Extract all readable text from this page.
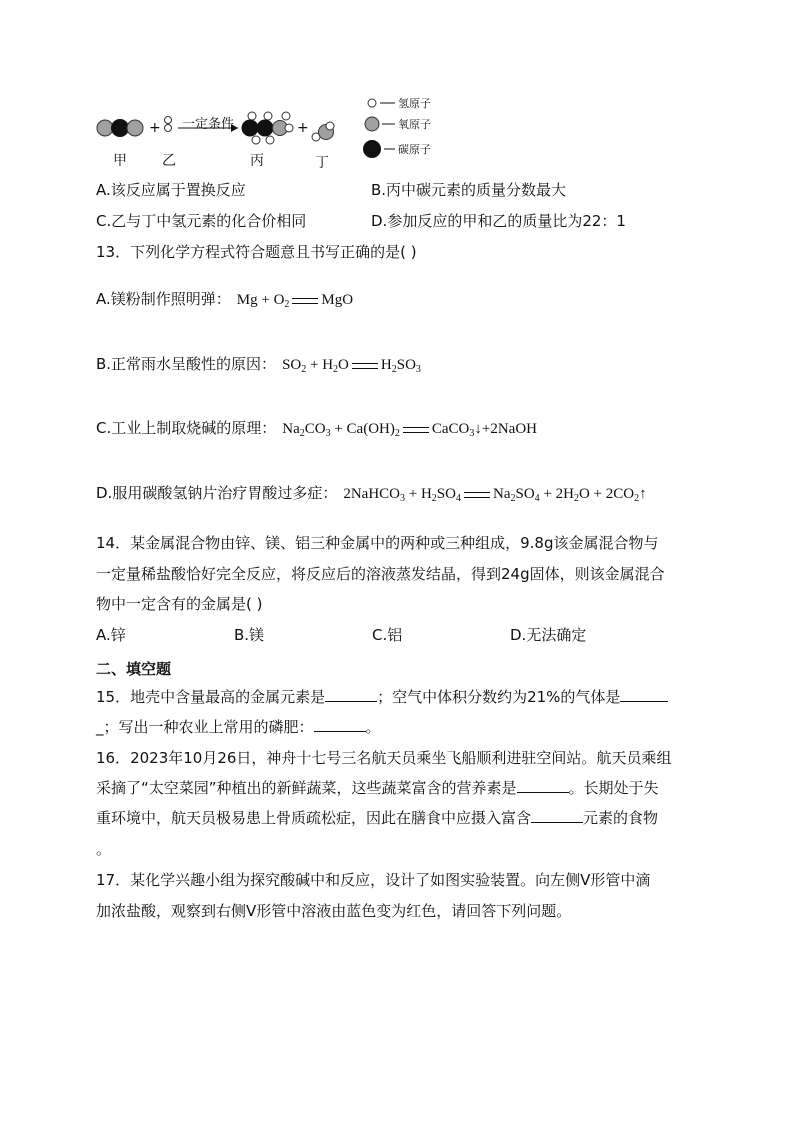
一定条件
+	+
甲	乙	丙	丁
氢原子
氧原子
碳原子
A.该反应属于置换反应	B.丙中碳元素的质量分数最大
C.乙与丁中氢元素的化合价相同	D.参加反应的甲和乙的质量比为22：1
13．下列化学方程式符合题意且书写正确的是( )
A.镁粉制作照明弹： $Mg + O_2$ MgO
B.正常雨水呈酸性的原因： $SO_2 + H_2O$ $H_2SO_3$
C.工业上制取烧碱的原理： $Na_2CO_3 + Ca(OH)_2$ CaCO$_3$↓+2NaOH
D.服用碳酸氢钠片治疗胃酸过多症： 2NaHCO$_3$ + $H_2SO_4$ $Na_2SO_4 + 2H_2O$ + $2CO_2↑$
14．某金属混合物由锌、镁、铝三种金属中的两种或三种组成，9.8g该金属混合物与
一定量稀盐酸恰好完全反应，将反应后的溶液蒸发结晶，得到24g固体，则该金属混合
物中一定含有的金属是( )
A.锌	B.镁	C.铝	D.无法确定
二、填空题
15．地壳中含量最高的金属元素是	；空气中体积分数约为21%的气体是
_；写出一种农业上常用的磷肥：	。
16．2023年10月26日，神舟十七号三名航天员乘坐飞船顺利进驻空间站。航天员乘组
采摘了“太空菜园”种植出的新鲜蔬菜，这些蔬菜富含的营养素是	。长期处于失
重环境中，航天员极易患上骨质疏松症，因此在膳食中应摄入富含	元素的食物
。
17．某化学兴趣小组为探究酸碱中和反应，设计了如图实验装置。向左侧V形管中滴
加浓盐酸，观察到右侧V形管中溶液由蓝色变为红色，请回答下列问题。
